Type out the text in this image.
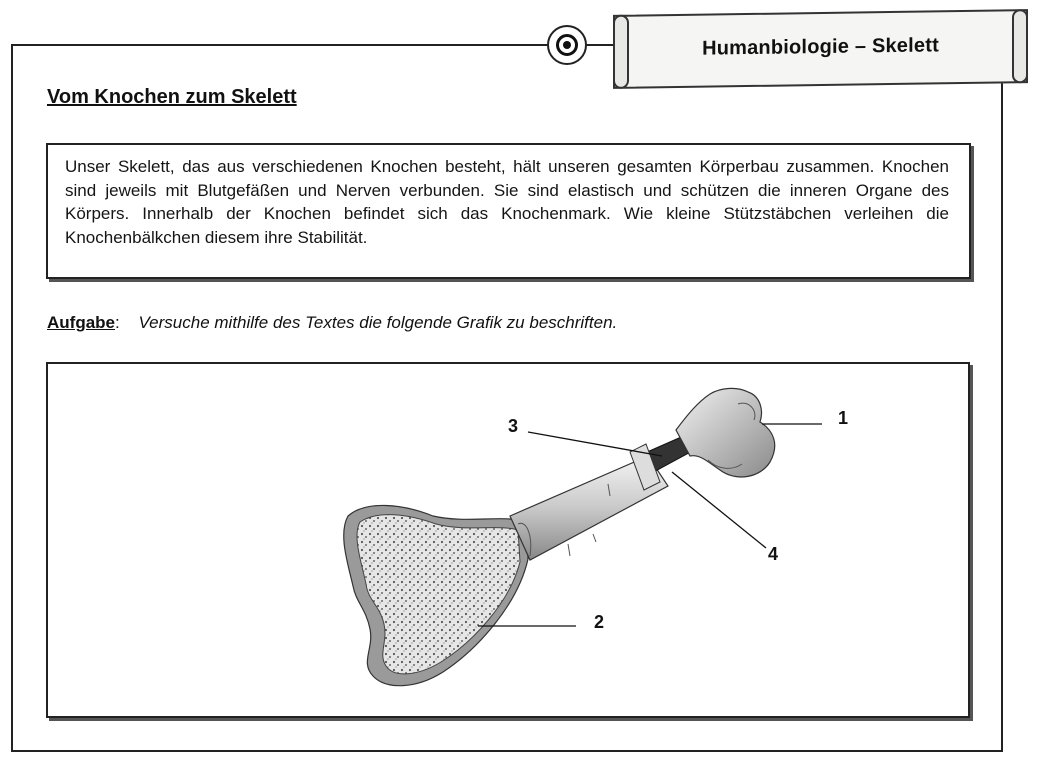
Humanbiologie – Skelett
Vom Knochen zum Skelett
Unser Skelett, das aus verschiedenen Knochen besteht, hält unseren gesamten Körperbau zusammen. Knochen sind jeweils mit Blutgefäßen und Nerven verbunden. Sie sind elastisch und schützen die inneren Organe des Körpers. Innerhalb der Knochen befindet sich das Knochenmark. Wie kleine Stützstäbchen verleihen die Knochenbälkchen diesem ihre Stabilität.
Aufgabe: Versuche mithilfe des Textes die folgende Grafik zu beschriften.
1
2
3
4
